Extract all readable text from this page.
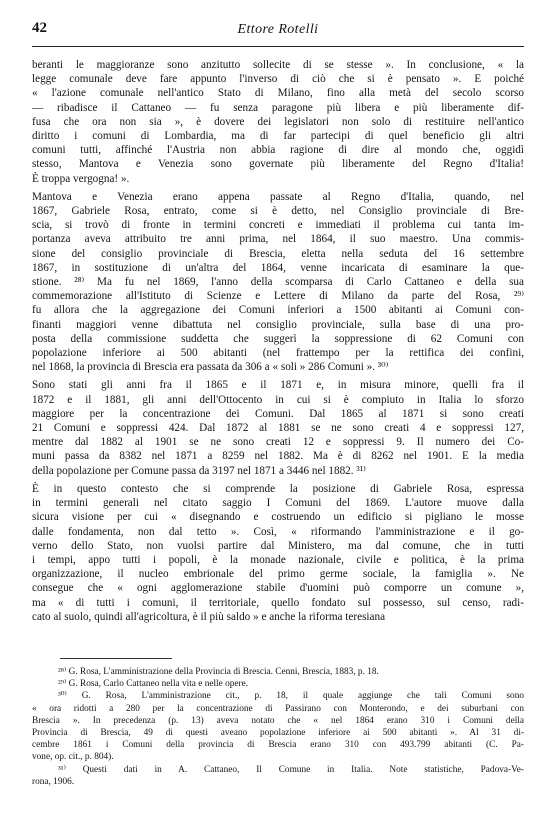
42	Ettore Rotelli

beranti le maggioranze sono anzitutto sollecite di se stesse ». In conclusione, « la

legge comunale deve fare appunto l'inverso di ciò che si è pensato ». E poiché

« l'azione comunale nell'antico Stato di Milano, fino alla metà del secolo scorso

— ribadisce il Cattaneo — fu senza paragone più libera e più liberamente dif-

fusa che ora non sia », è dovere dei legislatori non solo di restituire nell'antico

diritto i comuni di Lombardia, ma di far partecipi di quel beneficio gli altri

comuni tutti, affinché l'Austria non abbia ragione di dire al mondo che, oggidì

stesso, Mantova e Venezia sono governate più liberamente del Regno d'Italia!

È troppa vergogna! ».

Mantova e Venezia erano appena passate al Regno d'Italia, quando, nel

1867, Gabriele Rosa, entrato, come si è detto, nel Consiglio provinciale di Bre-

scia, si trovò di fronte in termini concreti e immediati il problema cui tanta im-

portanza aveva attribuito tre anni prima, nel 1864, il suo maestro. Una commis-

sione del consiglio provinciale di Brescia, eletta nella seduta del 16 settembre

1867, in sostituzione di un'altra del 1864, venne incaricata di esaminare la que-

stione. ²⁸⁾ Ma fu nel 1869, l'anno della scomparsa di Carlo Cattaneo e della sua

commemorazione all'Istituto di Scienze e Lettere di Milano da parte del Rosa, ²⁹⁾

fu allora che la aggregazione dei Comuni inferiori a 1500 abitanti ai Comuni con-

finanti maggiori venne dibattuta nel consiglio provinciale, sulla base di una pro-

posta della commissione suddetta che suggerì la soppressione di 62 Comuni con

popolazione inferiore ai 500 abitanti (nel frattempo per la rettifica dei confini,

nel 1868, la provincia di Brescia era passata da 306 a « soli » 286 Comuni ». ³⁰⁾

Sono stati gli anni fra il 1865 e il 1871 e, in misura minore, quelli fra il

1872 e il 1881, gli anni dell'Ottocento in cui si è compiuto in Italia lo sforzo

maggiore per la concentrazione dei Comuni. Dal 1865 al 1871 si sono creati

21 Comuni e soppressi 424. Dal 1872 al 1881 se ne sono creati 4 e soppressi 127,

mentre dal 1882 al 1901 se ne sono creati 12 e soppressi 9. Il numero dei Co-

muni passa da 8382 nel 1871 a 8259 nel 1882. Ma è di 8262 nel 1901. E la media

della popolazione per Comune passa da 3197 nel 1871 a 3446 nel 1882. ³¹⁾

È in questo contesto che si comprende la posizione di Gabriele Rosa, espressa

in termini generali nel citato saggio I Comuni del 1869. L'autore muove dalla

sicura visione per cui « disegnando e costruendo un edificio si pigliano le mosse

dalle fondamenta, non dal tetto ». Così, « riformando l'amministrazione e il go-

verno dello Stato, non vuolsi partire dal Ministero, ma dal comune, che in tutti

i tempi, appo tutti i popoli, è la monade nazionale, civile e politica, è la prima

organizzazione, il nucleo embrionale del primo germe sociale, la famiglia ». Ne

consegue che « ogni agglomerazione stabile d'uomini può comporre un comune »,

ma « di tutti i comuni, il territoriale, quello fondato sul possesso, sul censo, radi-

cato al suolo, quindi all'agricoltura, è il più saldo » e anche la riforma teresiana

²⁸⁾ G. Rosa, L'amministrazione della Provincia di Brescia. Cenni, Brescia, 1883, p. 18.

²⁹⁾ G. Rosa, Carlo Cattaneo nella vita e nelle opere.

³⁰⁾ G. Rosa, L'amministrazione cit., p. 18, il quale aggiunge che tali Comuni sono

« ora ridotti a 280 per la concentrazione di Passirano con Monterondo, e dei suburbani con

Brescia ». In precedenza (p. 13) aveva notato che « nel 1864 erano 310 i Comuni della

Provincia di Brescia, 49 di questi aveano popolazione inferiore ai 500 abitanti ». Al 31 di-

cembre 1861 i Comuni della provincia di Brescia erano 310 con 493.799 abitanti (C. Pa-

vone, op. cit., p. 804).

³¹⁾ Questi dati in A. Cattaneo, Il Comune in Italia. Note statistiche, Padova-Ve-

rona, 1906.
